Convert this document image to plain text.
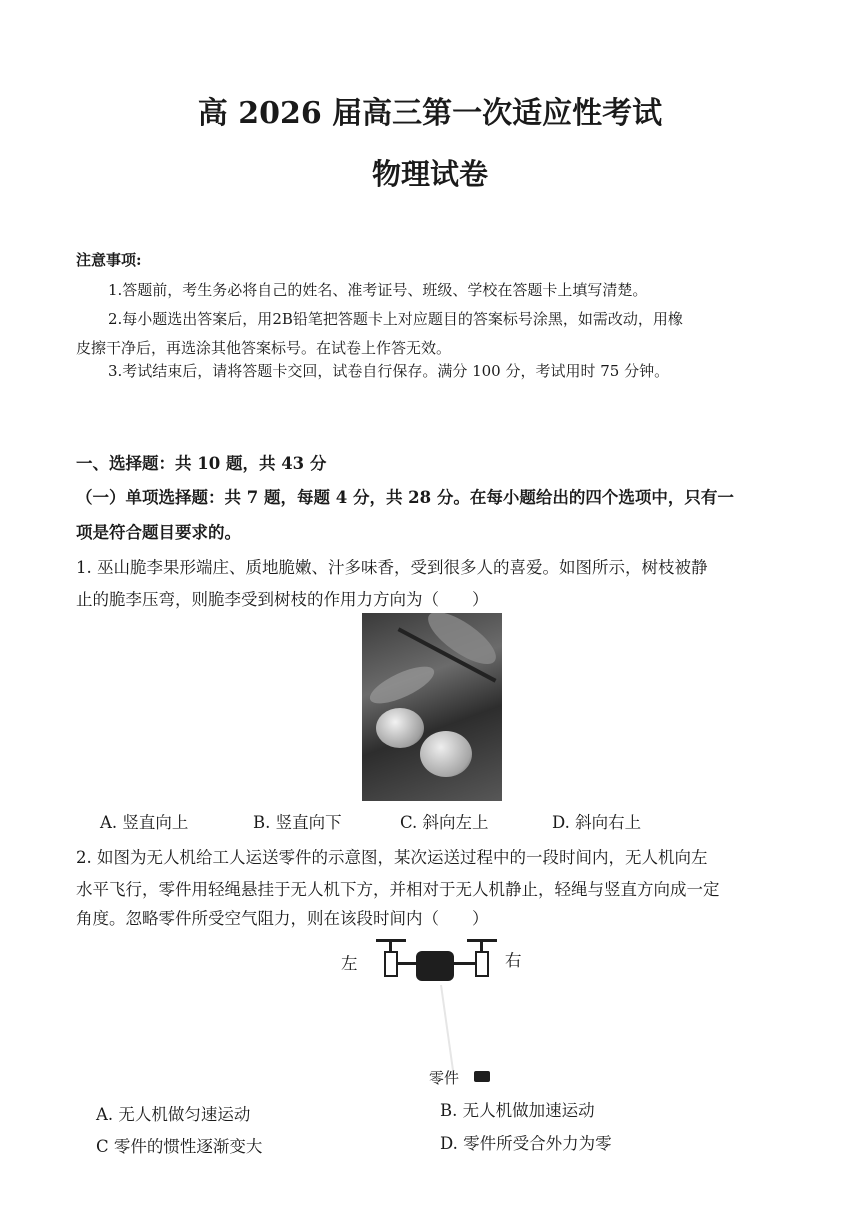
高 2026 届高三第一次适应性考试
物理试卷
注意事项:
1.答题前，考生务必将自己的姓名、准考证号、班级、学校在答题卡上填写清楚。
2.每小题选出答案后，用2B铅笔把答题卡上对应题目的答案标号涂黑，如需改动，用橡
皮擦干净后，再选涂其他答案标号。在试卷上作答无效。
3.考试结束后，请将答题卡交回，试卷自行保存。满分 100 分，考试用时 75 分钟。
一、选择题：共 10 题，共 43 分
（一）单项选择题：共 7 题，每题 4 分，共 28 分。在每小题给出的四个选项中，只有一
项是符合题目要求的。
1. 巫山脆李果形端庄、质地脆嫩、汁多味香，受到很多人的喜爱。如图所示，树枝被静
止的脆李压弯，则脆李受到树枝的作用力方向为（　　）
A. 竖直向上	B. 竖直向下	C. 斜向左上	D. 斜向右上
2. 如图为无人机给工人运送零件的示意图，某次运送过程中的一段时间内，无人机向左
水平飞行，零件用轻绳悬挂于无人机下方，并相对于无人机静止，轻绳与竖直方向成一定
角度。忽略零件所受空气阻力，则在该段时间内（　　）
左	右
零件
A. 无人机做匀速运动	B. 无人机做加速运动
C 零件的惯性逐渐变大	D. 零件所受合外力为零
